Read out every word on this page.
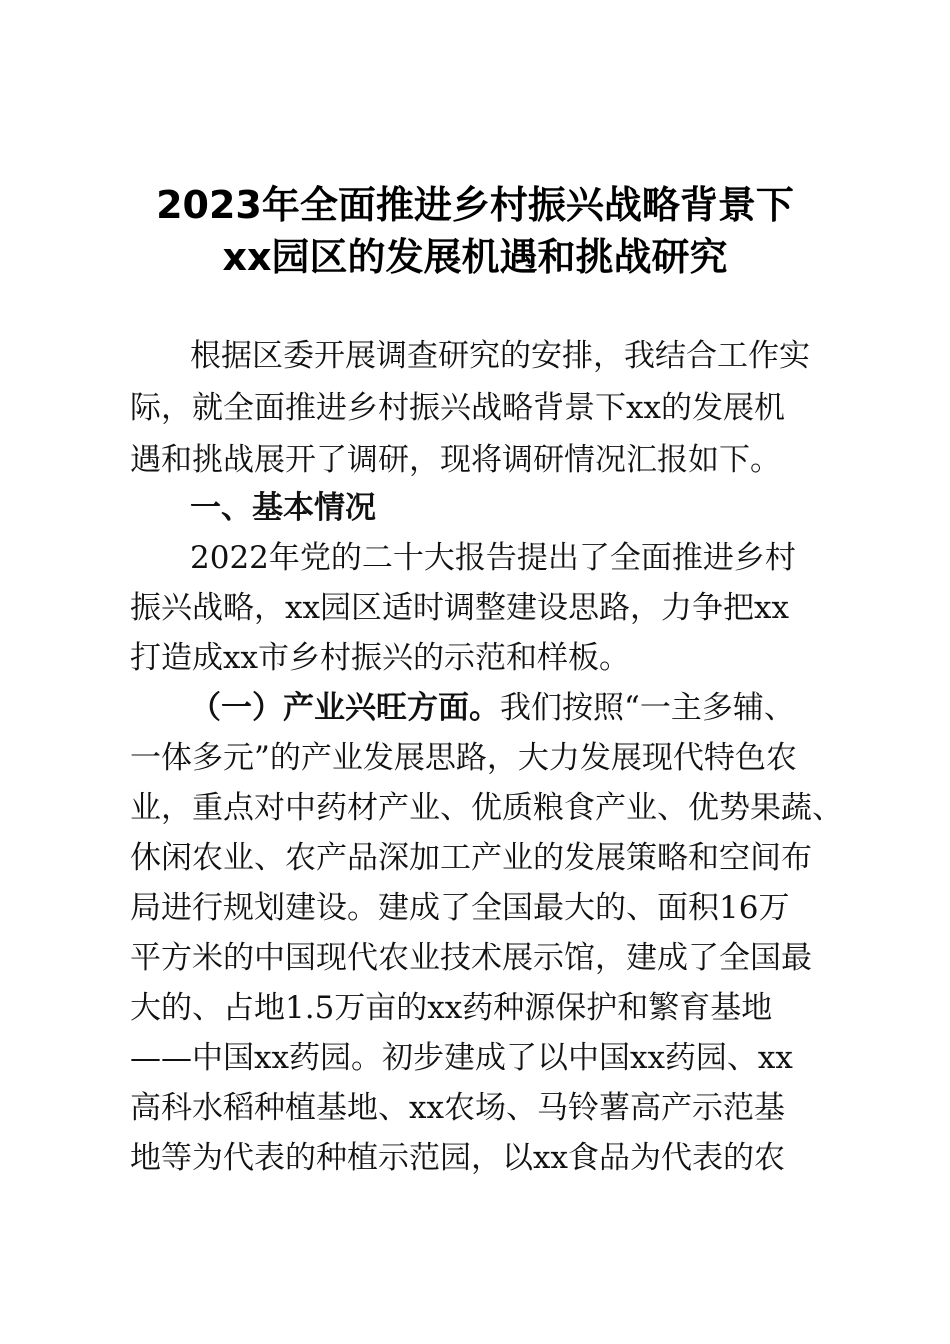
2023年全面推进乡村振兴战略背景下
xx园区的发展机遇和挑战研究
根据区委开展调查研究的安排，我结合工作实
际，就全面推进乡村振兴战略背景下xx的发展机
遇和挑战展开了调研，现将调研情况汇报如下。
一、基本情况
2022年党的二十大报告提出了全面推进乡村
振兴战略，xx园区适时调整建设思路，力争把xx
打造成xx市乡村振兴的示范和样板。
（一）产业兴旺方面。我们按照“一主多辅、
一体多元”的产业发展思路，大力发展现代特色农
业，重点对中药材产业、优质粮食产业、优势果蔬、
休闲农业、农产品深加工产业的发展策略和空间布
局进行规划建设。建成了全国最大的、面积16万
平方米的中国现代农业技术展示馆，建成了全国最
大的、占地1.5万亩的xx药种源保护和繁育基地
——中国xx药园。初步建成了以中国xx药园、xx
高科水稻种植基地、xx农场、马铃薯高产示范基
地等为代表的种植示范园，以xx食品为代表的农
